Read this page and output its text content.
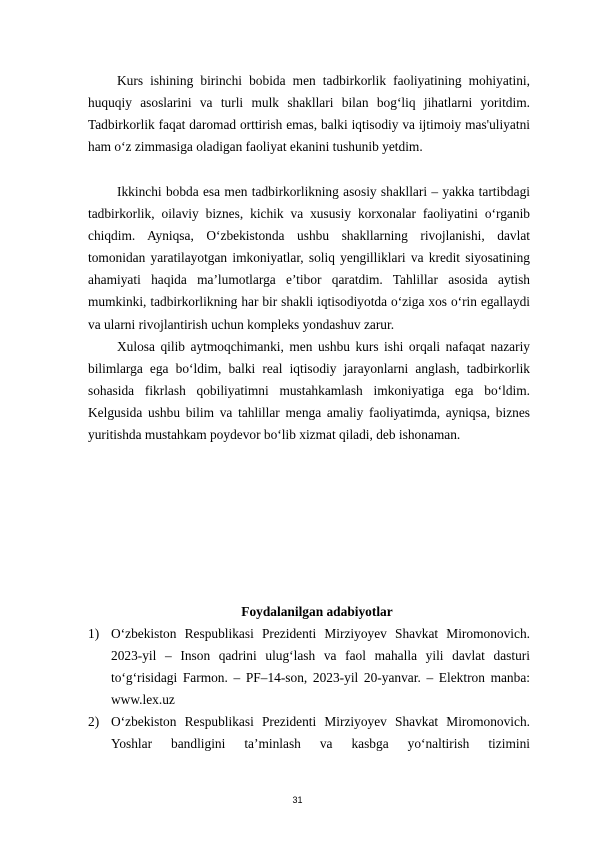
Kurs ishining birinchi bobida men tadbirkorlik faoliyatining mohiyatini, huquqiy asoslarini va turli mulk shakllari bilan bog‘liq jihatlarni yoritdim. Tadbirkorlik faqat daromad orttirish emas, balki iqtisodiy va ijtimoiy mas'uliyatni ham o‘z zimmasiga oladigan faoliyat ekanini tushunib yetdim.

Ikkinchi bobda esa men tadbirkorlikning asosiy shakllari – yakka tartibdagi tadbirkorlik, oilaviy biznes, kichik va xususiy korxonalar faoliyatini o‘rganib chiqdim. Ayniqsa, O‘zbekistonda ushbu shakllarning rivojlanishi, davlat tomonidan yaratilayotgan imkoniyatlar, soliq yengilliklari va kredit siyosatining ahamiyati haqida ma’lumotlarga e’tibor qaratdim. Tahlillar asosida aytish mumkinki, tadbirkorlikning har bir shakli iqtisodiyotda o‘ziga xos o‘rin egallaydi va ularni rivojlantirish uchun kompleks yondashuv zarur.

Xulosa qilib aytmoqchimanki, men ushbu kurs ishi orqali nafaqat nazariy bilimlarga ega bo‘ldim, balki real iqtisodiy jarayonlarni anglash, tadbirkorlik sohasida fikrlash qobiliyatimni mustahkamlash imkoniyatiga ega bo‘ldim. Kelgusida ushbu bilim va tahlillar menga amaliy faoliyatimda, ayniqsa, biznes yuritishda mustahkam poydevor bo‘lib xizmat qiladi, deb ishonaman.

Foydalanilgan adabiyotlar
1) O‘zbekiston Respublikasi Prezidenti Mirziyoyev Shavkat Miromonovich. 2023-yil – Inson qadrini ulug‘lash va faol mahalla yili davlat dasturi to‘g‘risidagi Farmon. – PF–14-son, 2023-yil 20-yanvar. – Elektron manba: www.lex.uz
2) O‘zbekiston Respublikasi Prezidenti Mirziyoyev Shavkat Miromonovich. Yoshlar bandligini ta’minlash va kasbga yo‘naltirish tizimini
31
